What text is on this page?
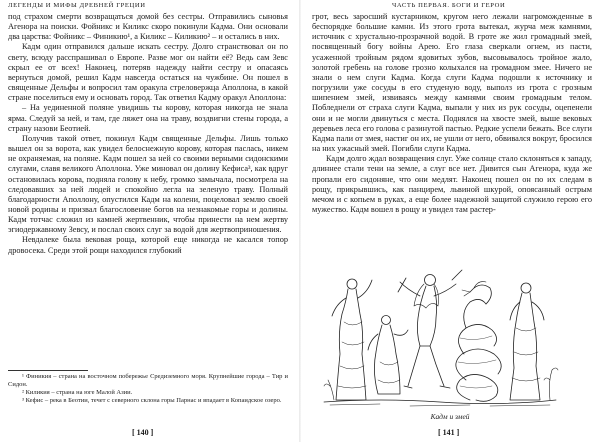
ЛЕГЕНДЫ И МИФЫ ДРЕВНЕЙ ГРЕЦИИ

под страхом смерти возвращаться домой без сестры. Отправились сыновья Агенора на поиски. Фойникс и Киликс скоро покинули Кадма. Они основали два царства: Фойникс – Финикию¹, а Киликс – Киликию² – и остались в них.

Кадм один отправился дальше искать сестру. Долго странствовал он по свету, всюду расспрашивал о Европе. Разве мог он найти её? Ведь сам Зевс скрыл ее от всех! Наконец, потеряв надежду найти сестру и опасаясь вернуться домой, решил Кадм навсегда остаться на чужбине. Он пошел в священные Дельфы и вопросил там оракула стреловержца Аполлона, в какой стране поселиться ему и основать город. Так ответил Кадму оракул Аполлона:

– На уединенной поляне увидишь ты корову, которая никогда не знала ярма. Следуй за ней, и там, где ляжет она на траву, воздвигни стены города, а страну назови Беотией.

Получив такой ответ, покинул Кадм священные Дельфы. Лишь только вышел он за ворота, как увидел белоснежную корову, которая паслась, никем не охраняемая, на поляне. Кадм пошел за ней со своими верными сидонскими слугами, славя великого Аполлона. Уже миновал он долину Кефиса³, как вдруг остановилась корова, подняла голову к небу, громко замычала, посмотрела на следовавших за ней людей и спокойно легла на зеленую траву. Полный благодарности Аполлону, опустился Кадм на колени, поцеловал землю своей новой родины и призвал благословение богов на незнакомые горы и долины. Кадм тотчас сложил из камней жертвенник, чтобы принести на нем жертву эгиодержавному Зевсу, и послал своих слуг за водой для жертвоприношения.

Невдалеке была вековая роща, которой еще никогда не касался топор дровосека. Среди этой рощи находился глубокий

¹ Финикия – страна на восточном побережье Средиземного моря. Крупнейшие города – Тир и Сидон.

² Киликия – страна на юге Малой Азии.

³ Кефис – река в Беотии, течет с северного склона горы Парнас и впадает в Копаидское озеро.

[ 140 ]
ЧАСТЬ ПЕРВАЯ. БОГИ И ГЕРОИ

грот, весь заросший кустарником, кругом него лежали нагроможденные в беспорядке большие камни. Из этого грота вытекал, журча меж камнями, источник с хрустально-прозрачной водой. В гроте же жил громадный змей, посвященный богу войны Арею. Его глаза сверкали огнем, из пасти, усаженной тройным рядом ядовитых зубов, высовывалось тройное жало, золотой гребень на голове грозно колыхался на громадном змее. Ничего не знали о нем слуги Кадма. Когда слуги Кадма подошли к источнику и погрузили уже сосуды в его студеную воду, выполз из грота с грозным шипением змей, извиваясь между камнями своим громадным телом. Побледнели от страха слуги Кадма, выпали у них из рук сосуды, оцепенели они и не могли двинуться с места. Поднялся на хвосте змей, выше вековых деревьев леса его голова с разинутой пастью. Редкие успели бежать. Все слуги Кадма пали от змея, настиг он их, не ушли от него, обвивался вокруг, бросился на них ужасный змей. Погибли слуги Кадма.

Кадм долго ждал возвращения слуг. Уже солнце стало склоняться к западу, длиннее стали тени на земле, а слуг все нет. Дивится сын Агенора, куда же пропали его сидоняне, что они медлят. Наконец пошел он по их следам в рощу, прикрывшись, как панцирем, львиной шкурой, опоясанный острым мечом и с копьем в руках, а еще более надежной защитой служило герою его мужество. Кадм вошел в рощу и увидел там растер-

Кадм и змей
[ 141 ]
